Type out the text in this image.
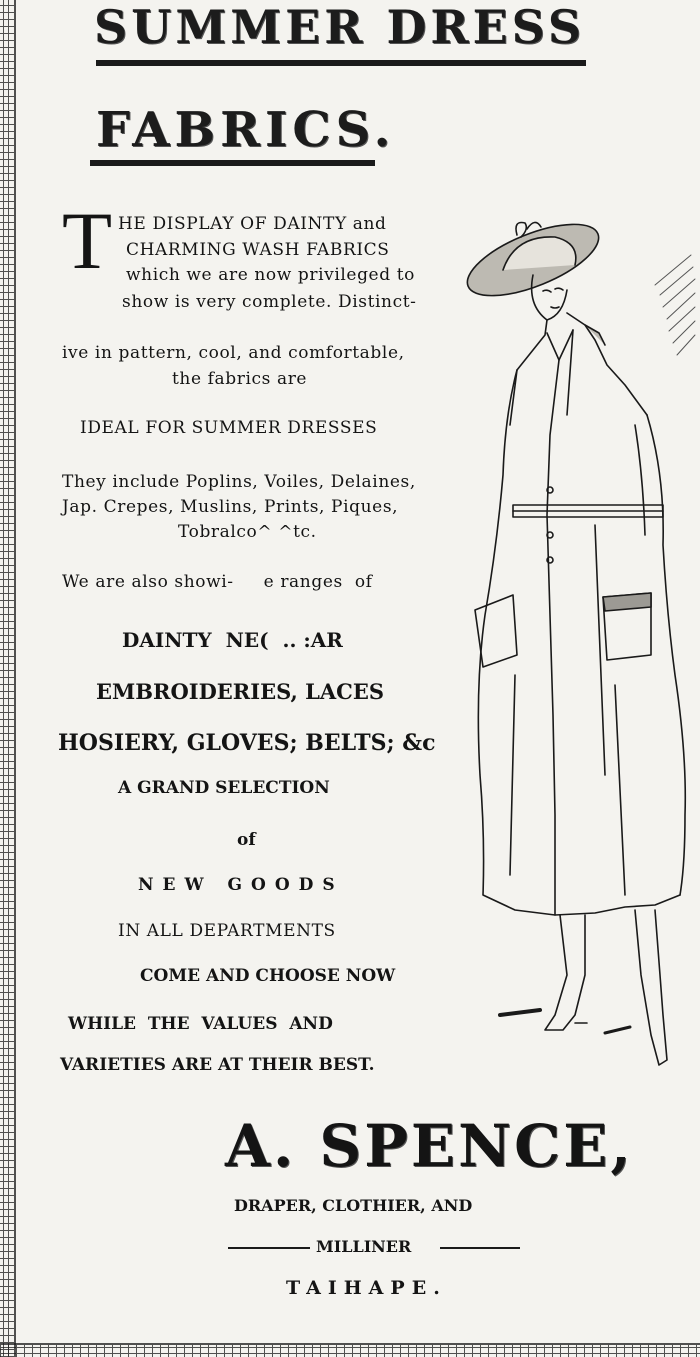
SUMMER DRESS
FABRICS.
T HE DISPLAY OF DAINTY and

CHARMING WASH FABRICS

which we are now privileged to

show is very complete. Distinct-

ive in pattern, cool, and comfortable,

the fabrics are

IDEAL FOR SUMMER DRESSES

They include Poplins, Voiles, Delaines,

Jap. Crepes, Muslins, Prints, Piques,

Tobralco^ ^tc.

We are also showi-     e ranges  of

DAINTY  NE(  .. :AR

EMBROIDERIES, LACES

HOSIERY, GLOVES; BELTS; &c

A GRAND SELECTION

of

NEW GOODS

IN ALL DEPARTMENTS

COME AND CHOOSE NOW

WHILE  THE  VALUES  AND

VARIETIES ARE AT THEIR BEST.

A. SPENCE,

DRAPER, CLOTHIER, AND

MILLINER

TAIHAPE.
